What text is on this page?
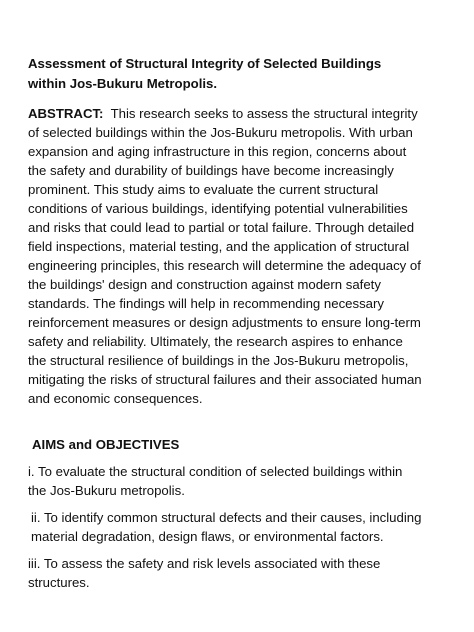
Assessment of Structural Integrity of Selected Buildings within Jos-Bukuru Metropolis.

ABSTRACT: This research seeks to assess the structural integrity of selected buildings within the Jos-Bukuru metropolis. With urban expansion and aging infrastructure in this region, concerns about the safety and durability of buildings have become increasingly prominent. This study aims to evaluate the current structural conditions of various buildings, identifying potential vulnerabilities and risks that could lead to partial or total failure. Through detailed field inspections, material testing, and the application of structural engineering principles, this research will determine the adequacy of the buildings' design and construction against modern safety standards. The findings will help in recommending necessary reinforcement measures or design adjustments to ensure long-term safety and reliability. Ultimately, the research aspires to enhance the structural resilience of buildings in the Jos-Bukuru metropolis, mitigating the risks of structural failures and their associated human and economic consequences.

AIMS and OBJECTIVES

i. To evaluate the structural condition of selected buildings within the Jos-Bukuru metropolis.

ii. To identify common structural defects and their causes, including material degradation, design flaws, or environmental factors.

iii. To assess the safety and risk levels associated with these structures.
